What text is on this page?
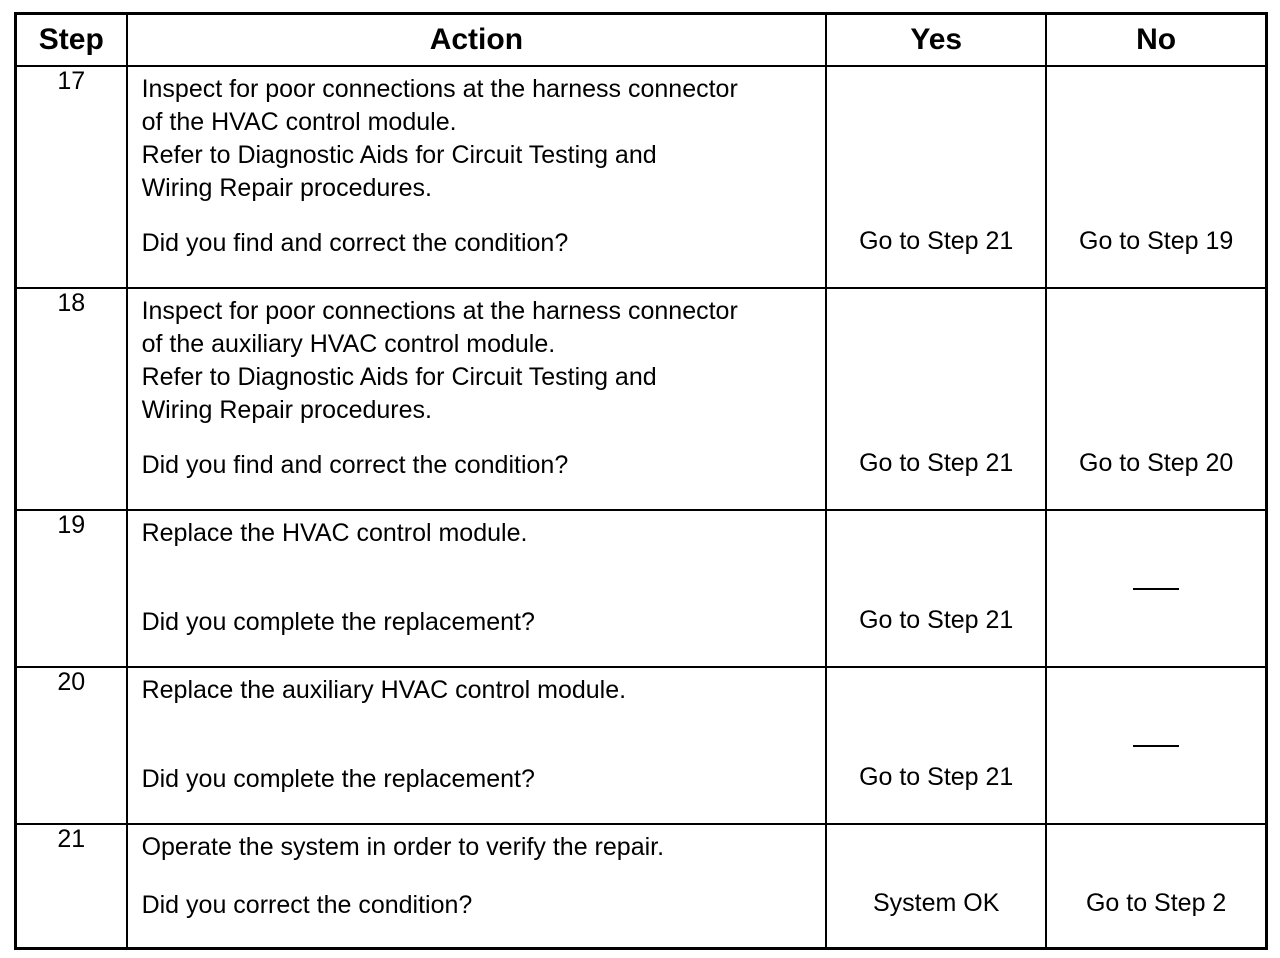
Step	Action	Yes	No
17	Inspect for poor connections at the harness connector
of the HVAC control module.
Refer to Diagnostic Aids for Circuit Testing and
Wiring Repair procedures.
Did you find and correct the condition?	Go to Step 21	Go to Step 19

18	Inspect for poor connections at the harness connector
of the auxiliary HVAC control module.
Refer to Diagnostic Aids for Circuit Testing and
Wiring Repair procedures.
Did you find and correct the condition?	Go to Step 21	Go to Step 20

19	Replace the HVAC control module.
Did you complete the replacement?	Go to Step 21	

20	Replace the auxiliary HVAC control module.
Did you complete the replacement?	Go to Step 21	

21	Operate the system in order to verify the repair.
Did you correct the condition?	System OK	Go to Step 2
